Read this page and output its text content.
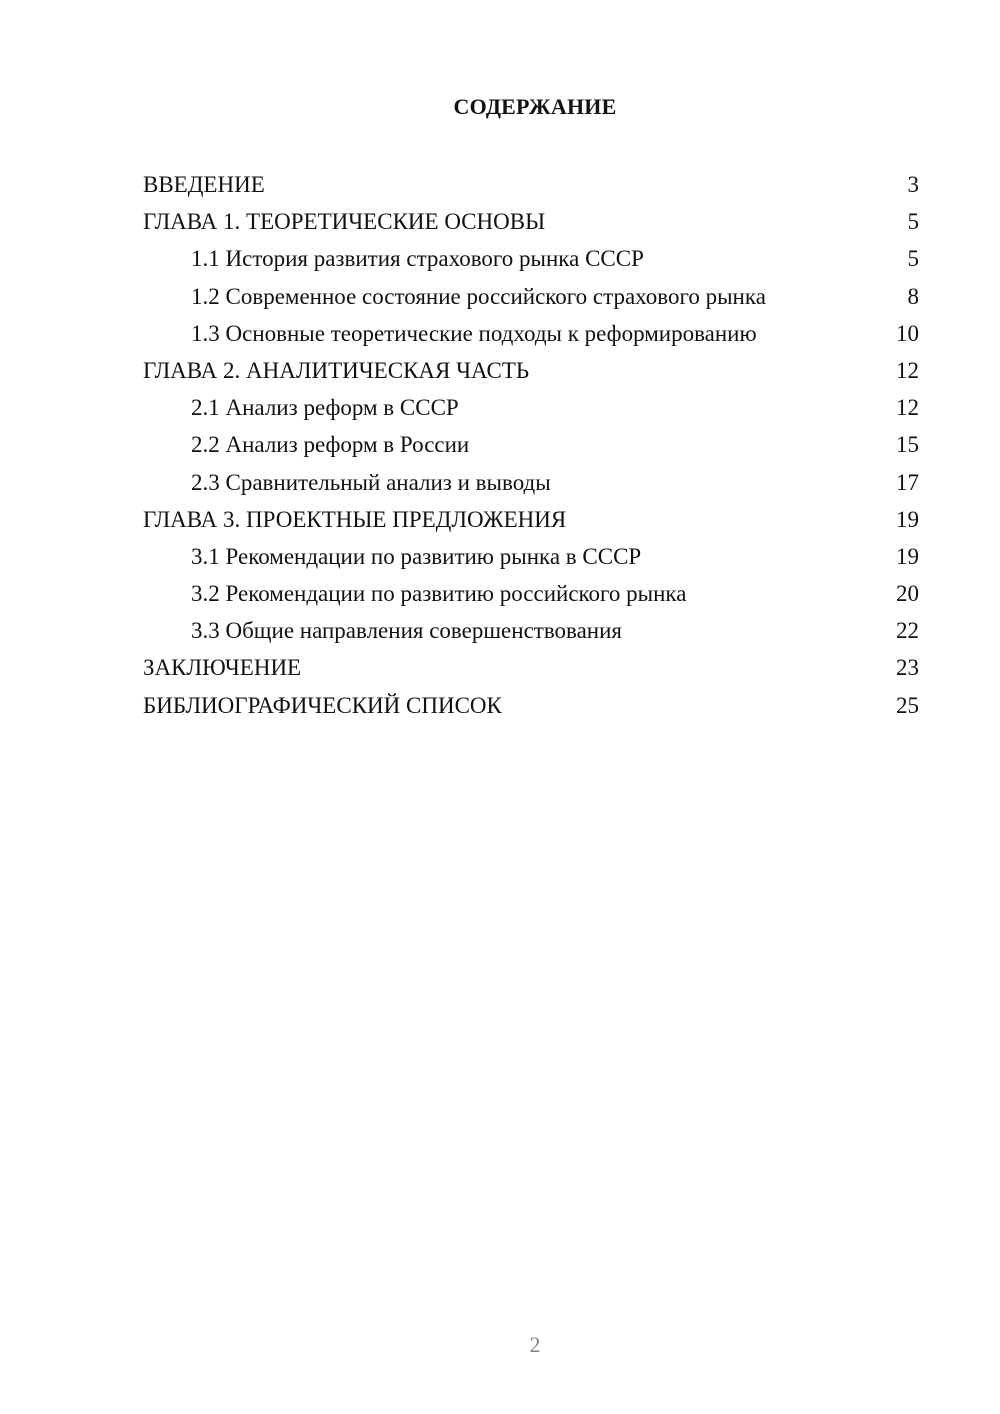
СОДЕРЖАНИЕ
ВВЕДЕНИЕ	3
ГЛАВА 1. ТЕОРЕТИЧЕСКИЕ ОСНОВЫ	5
1.1 История развития страхового рынка СССР	5
1.2 Современное состояние российского страхового рынка	8
1.3 Основные теоретические подходы к реформированию	10
ГЛАВА 2. АНАЛИТИЧЕСКАЯ ЧАСТЬ	12
2.1 Анализ реформ в СССР	12
2.2 Анализ реформ в России	15
2.3 Сравнительный анализ и выводы	17
ГЛАВА 3. ПРОЕКТНЫЕ ПРЕДЛОЖЕНИЯ	19
3.1 Рекомендации по развитию рынка в СССР	19
3.2 Рекомендации по развитию российского рынка	20
3.3 Общие направления совершенствования	22
ЗАКЛЮЧЕНИЕ	23
БИБЛИОГРАФИЧЕСКИЙ СПИСОК	25
2
